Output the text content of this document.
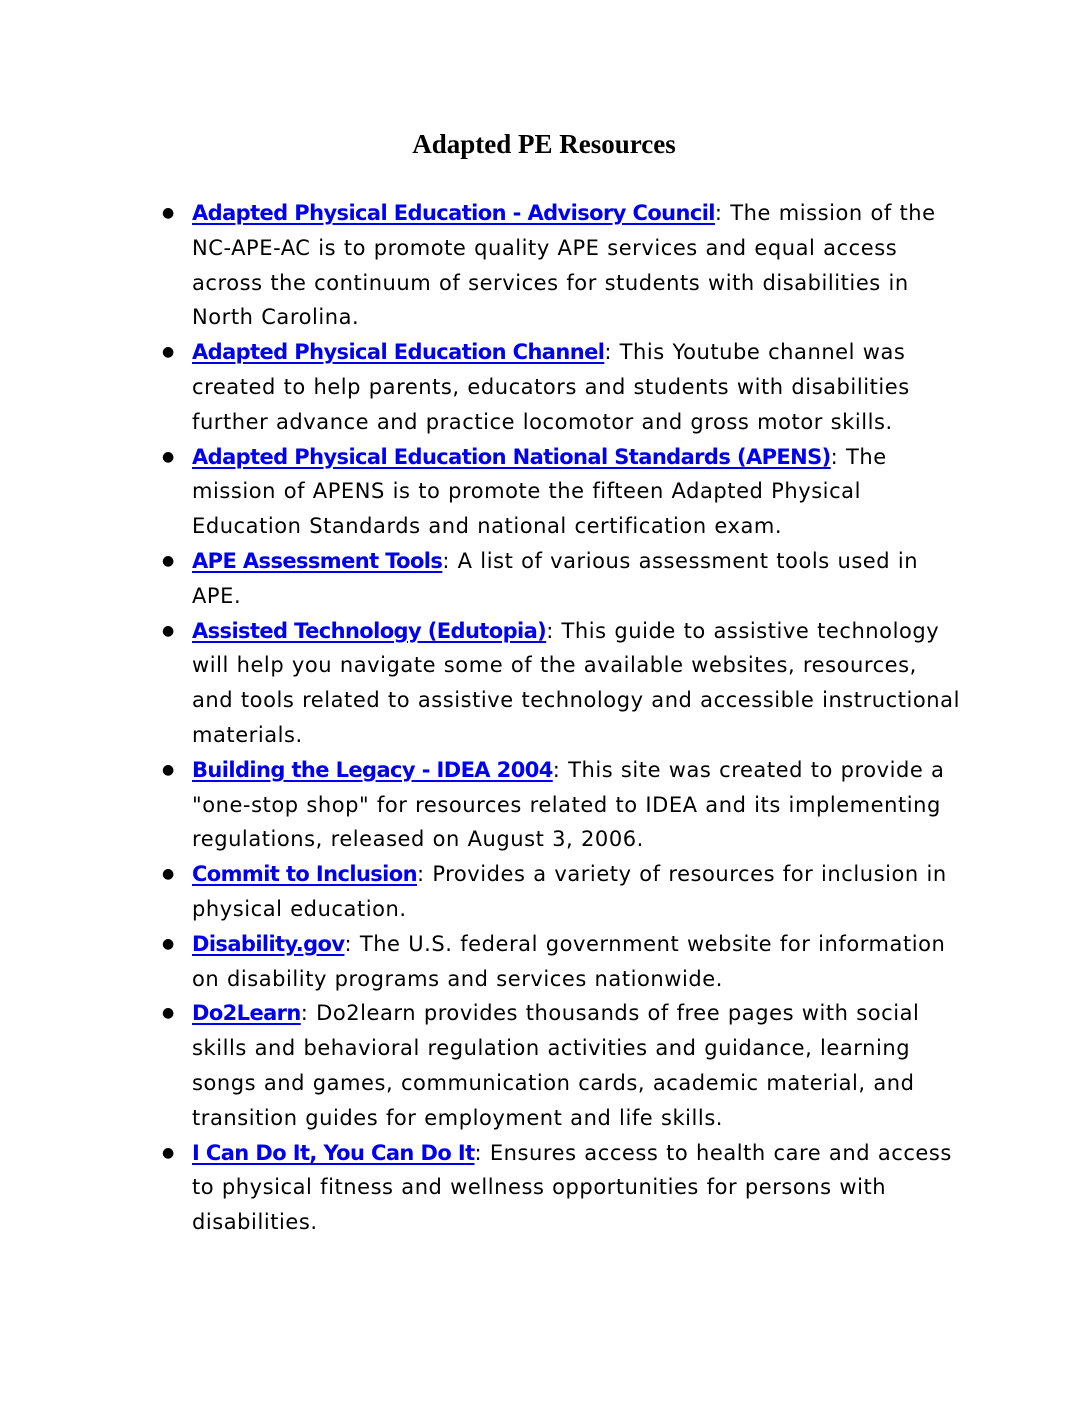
Adapted PE Resources
● Adapted Physical Education - Advisory Council: The mission of the NC-APE-AC is to promote quality APE services and equal access across the continuum of services for students with disabilities in North Carolina.
● Adapted Physical Education Channel: This Youtube channel was created to help parents, educators and students with disabilities further advance and practice locomotor and gross motor skills.
● Adapted Physical Education National Standards (APENS): The mission of APENS is to promote the fifteen Adapted Physical Education Standards and national certification exam.
● APE Assessment Tools: A list of various assessment tools used in APE.
● Assisted Technology (Edutopia): This guide to assistive technology will help you navigate some of the available websites, resources, and tools related to assistive technology and accessible instructional materials.
● Building the Legacy - IDEA 2004: This site was created to provide a "one-stop shop" for resources related to IDEA and its implementing regulations, released on August 3, 2006.
● Commit to Inclusion: Provides a variety of resources for inclusion in physical education.
● Disability.gov: The U.S. federal government website for information on disability programs and services nationwide.
● Do2Learn: Do2learn provides thousands of free pages with social skills and behavioral regulation activities and guidance, learning songs and games, communication cards, academic material, and transition guides for employment and life skills.
● I Can Do It, You Can Do It: Ensures access to health care and access to physical fitness and wellness opportunities for persons with disabilities.
